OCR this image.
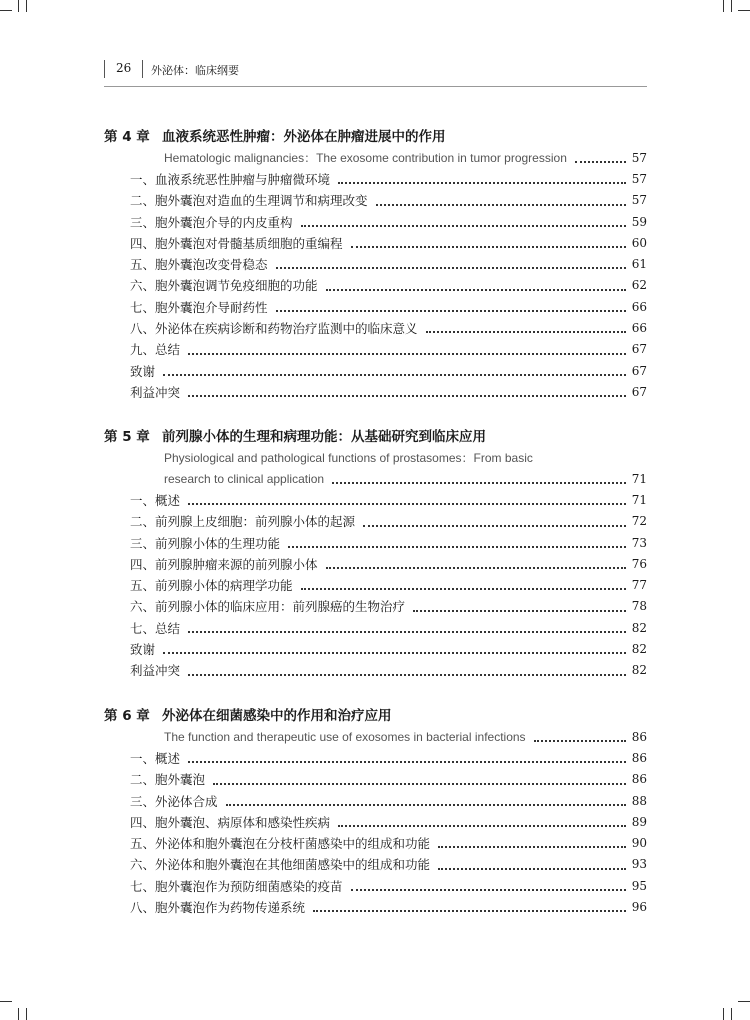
26 外泌体：临床纲要
第 4 章 血液系统恶性肿瘤：外泌体在肿瘤进展中的作用
Hematologic malignancies：The exosome contribution in tumor progression	57
一、血液系统恶性肿瘤与肿瘤微环境	57
二、胞外囊泡对造血的生理调节和病理改变	57
三、胞外囊泡介导的内皮重构	59
四、胞外囊泡对骨髓基质细胞的重编程	60
五、胞外囊泡改变骨稳态	61
六、胞外囊泡调节免疫细胞的功能	62
七、胞外囊泡介导耐药性	66
八、外泌体在疾病诊断和药物治疗监测中的临床意义	66
九、总结	67
致谢	67
利益冲突	67
第 5 章 前列腺小体的生理和病理功能：从基础研究到临床应用
Physiological and pathological functions of prostasomes：From basic
research to clinical application	71
一、概述	71
二、前列腺上皮细胞：前列腺小体的起源	72
三、前列腺小体的生理功能	73
四、前列腺肿瘤来源的前列腺小体	76
五、前列腺小体的病理学功能	77
六、前列腺小体的临床应用：前列腺癌的生物治疗	78
七、总结	82
致谢	82
利益冲突	82
第 6 章 外泌体在细菌感染中的作用和治疗应用
The function and therapeutic use of exosomes in bacterial infections	86
一、概述	86
二、胞外囊泡	86
三、外泌体合成	88
四、胞外囊泡、病原体和感染性疾病	89
五、外泌体和胞外囊泡在分枝杆菌感染中的组成和功能	90
六、外泌体和胞外囊泡在其他细菌感染中的组成和功能	93
七、胞外囊泡作为预防细菌感染的疫苗	95
八、胞外囊泡作为药物传递系统	96
